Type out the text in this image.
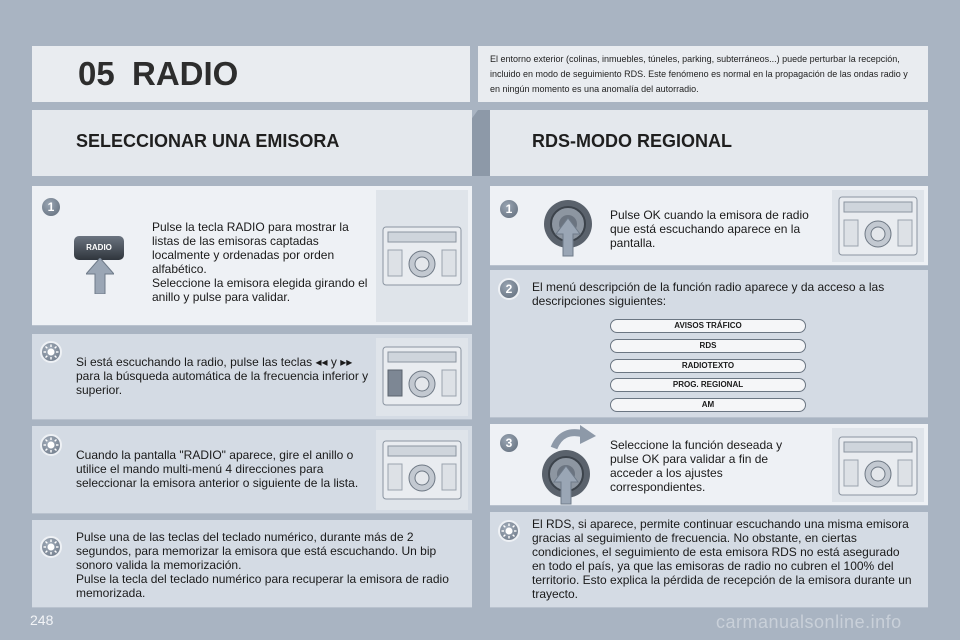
05 RADIO	El entorno exterior (colinas, inmuebles, túneles, parking, subterráneos...) puede perturbar la recepción, incluido en modo de seguimiento RDS. Este fenómeno es normal en la propagación de las ondas radio y en ningún momento es una anomalía del autorradio.
SELECCIONAR UNA EMISORA	RDS-MODO REGIONAL
1
RADIO
Pulse la tecla RADIO para mostrar la listas de las emisoras captadas localmente y ordenadas por orden alfabético.
Seleccione la emisora elegida girando el anillo y pulse para validar.
Si está escuchando la radio, pulse las teclas ◂◂ y ▸▸ para la búsqueda automática de la frecuencia inferior y superior.
Cuando la pantalla "RADIO" aparece, gire el anillo o utilice el mando multi-menú 4 direcciones para seleccionar la emisora anterior o siguiente de la lista.
Pulse una de las teclas del teclado numérico, durante más de 2 segundos, para memorizar la emisora que está escuchando. Un bip sonoro valida la memorización.
Pulse la tecla del teclado numérico para recuperar la emisora de radio memorizada.
1	Pulse OK cuando la emisora de radio que está escuchando aparece en la pantalla.
2	El menú descripción de la función radio aparece y da acceso a las descripciones siguientes:
AVISOS TRÁFICO
RDS
RADIOTEXTO
PROG. REGIONAL
AM
3	Seleccione la función deseada y pulse OK para validar a fin de acceder a los ajustes correspondientes.
El RDS, si aparece, permite continuar escuchando una misma emisora gracias al seguimiento de frecuencia. No obstante, en ciertas condiciones, el seguimiento de esta emisora RDS no está asegurado en todo el país, ya que las emisoras de radio no cubren el 100% del territorio. Esto explica la pérdida de recepción de la emisora durante un trayecto.
248	carmanualsonline.info
